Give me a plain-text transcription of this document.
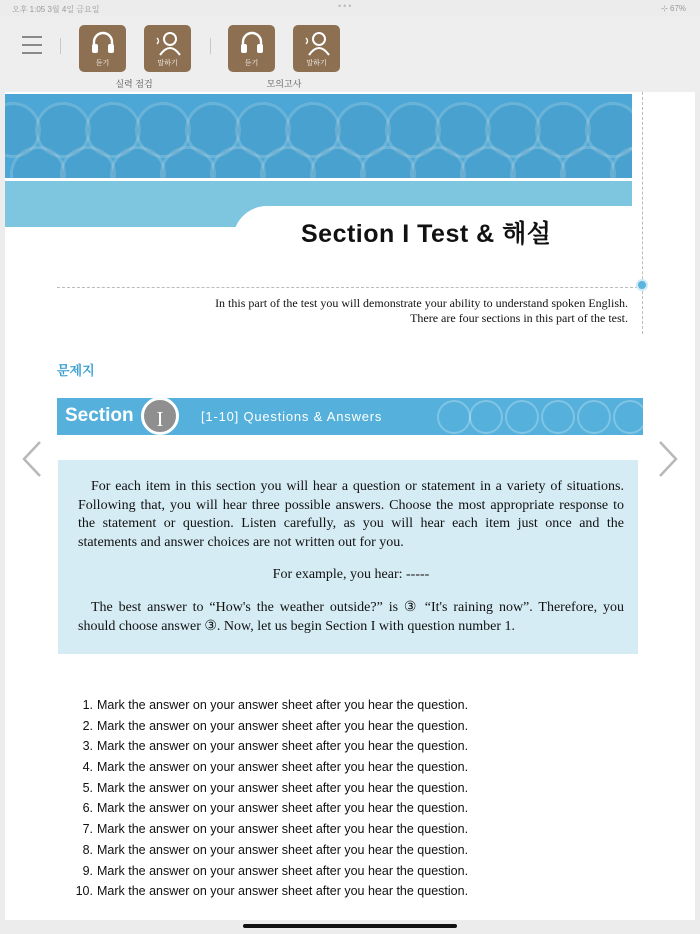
오후 1:05 3월 4일 금요일	•••	⊹ 67%
듣기	말하기
실력 점검
듣기	말하기
모의고사
Section I Test & 해설
In this part of the test you will demonstrate your ability to understand spoken English.
There are four sections in this part of the test.
문제지
Section	I	[1-10] Questions & Answers

For each item in this section you will hear a question or statement in a variety of situations. Following that, you will hear three possible answers. Choose the most appropriate response to the statement or question. Listen carefully, as you will hear each item just once and the statements and answer choices are not written out for you.

For example, you hear: -----

The best answer to “How's the weather outside?” is ③ “It's raining now”. Therefore, you should choose answer ③. Now, let us begin Section I with question number 1.

1. Mark the answer on your answer sheet after you hear the question.
2. Mark the answer on your answer sheet after you hear the question.
3. Mark the answer on your answer sheet after you hear the question.
4. Mark the answer on your answer sheet after you hear the question.
5. Mark the answer on your answer sheet after you hear the question.
6. Mark the answer on your answer sheet after you hear the question.
7. Mark the answer on your answer sheet after you hear the question.
8. Mark the answer on your answer sheet after you hear the question.
9. Mark the answer on your answer sheet after you hear the question.
10. Mark the answer on your answer sheet after you hear the question.
